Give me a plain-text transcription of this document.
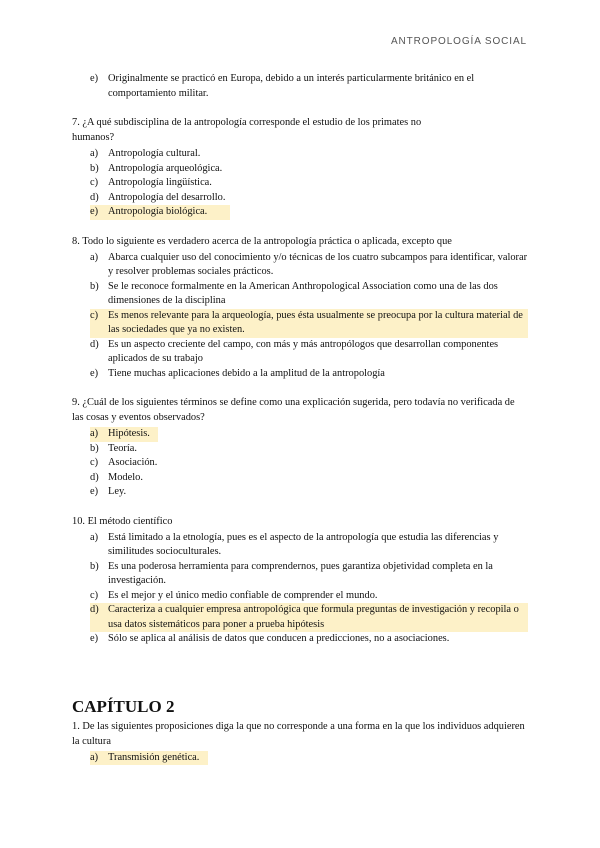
ANTROPOLOGÍA SOCIAL
e) Originalmente se practicó en Europa, debido a un interés particularmente británico en el comportamiento militar.
7. ¿A qué subdisciplina de la antropología corresponde el estudio de los primates no humanos?
a) Antropología cultural.
b) Antropología arqueológica.
c) Antropología lingüística.
d) Antropología del desarrollo.
e) Antropología biológica.
8. Todo lo siguiente es verdadero acerca de la antropología práctica o aplicada, excepto que
a) Abarca cualquier uso del conocimiento y/o técnicas de los cuatro subcampos para identificar, valorar y resolver problemas sociales prácticos.
b) Se le reconoce formalmente en la American Anthropological Association como una de las dos dimensiones de la disciplina
c) Es menos relevante para la arqueología, pues ésta usualmente se preocupa por la cultura material de las sociedades que ya no existen.
d) Es un aspecto creciente del campo, con más y más antropólogos que desarrollan componentes aplicados de su trabajo
e) Tiene muchas aplicaciones debido a la amplitud de la antropología
9. ¿Cuál de los siguientes términos se define como una explicación sugerida, pero todavía no verificada de las cosas y eventos observados?
a) Hipótesis.
b) Teoría.
c) Asociación.
d) Modelo.
e) Ley.
10. El método científico
a) Está limitado a la etnología, pues es el aspecto de la antropología que estudia las diferencias y similitudes socioculturales.
b) Es una poderosa herramienta para comprendernos, pues garantiza objetividad completa en la investigación.
c) Es el mejor y el único medio confiable de comprender el mundo.
d) Caracteriza a cualquier empresa antropológica que formula preguntas de investigación y recopila o usa datos sistemáticos para poner a prueba hipótesis
e) Sólo se aplica al análisis de datos que conducen a predicciones, no a asociaciones.
CAPÍTULO 2
1. De las siguientes proposiciones diga la que no corresponde a una forma en la que los individuos adquieren la cultura
a) Transmisión genética.
